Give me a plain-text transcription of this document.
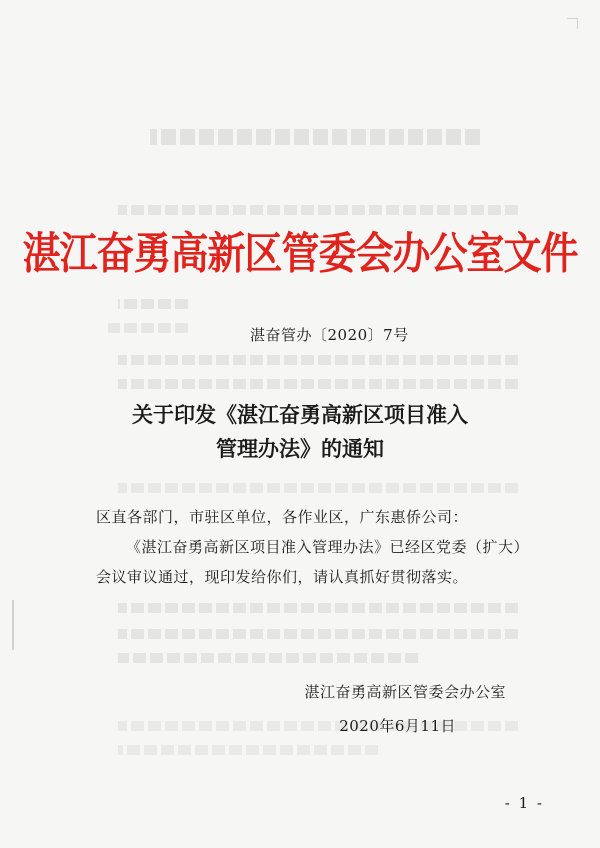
湛江奋勇高新区管委会办公室文件
湛奋管办〔2020〕7号
关于印发《湛江奋勇高新区项目准入
管理办法》的通知

区直各部门，市驻区单位，各作业区，广东惠侨公司：

《湛江奋勇高新区项目准入管理办法》已经区党委（扩大）

会议审议通过，现印发给你们，请认真抓好贯彻落实。

湛江奋勇高新区管委会办公室
2020年6月11日
- 1 -
